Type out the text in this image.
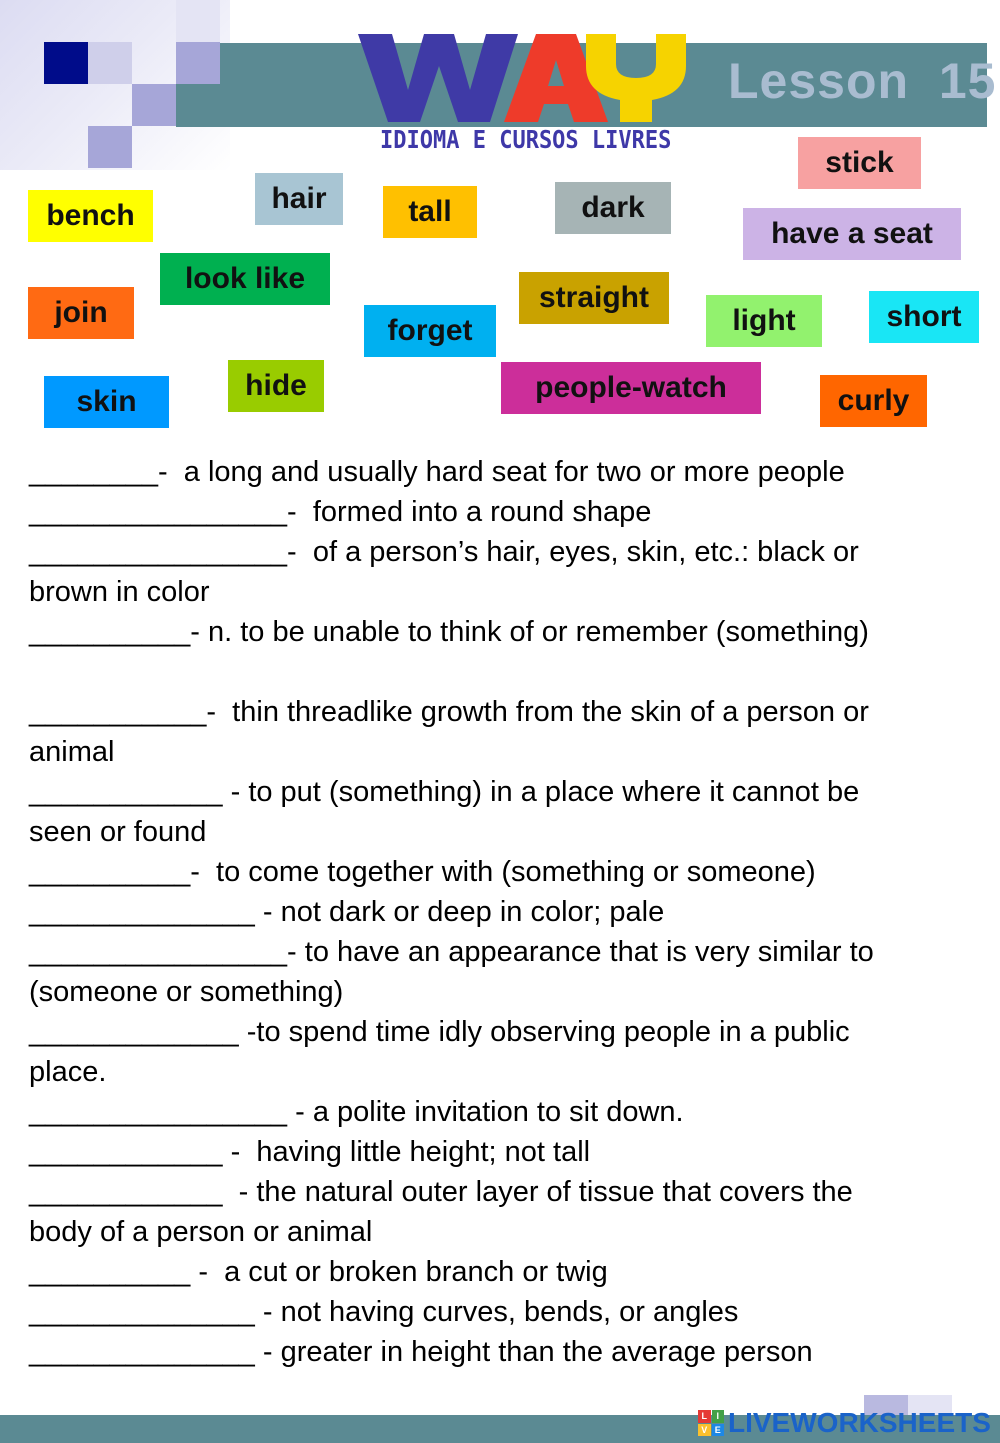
IDIOMA E CURSOS LIVRES
Lesson  15
bench
hair	tall	dark
stick
have a seat
look like
join
forget
straight
light	short
skin	hide	people-watch	curly
________-  a long and usually hard seat for two or more people
________________-  formed into a round shape
________________-  of a person’s hair, eyes, skin, etc.: black or
brown in color
__________- n. to be unable to think of or remember (something)

___________-  thin threadlike growth from the skin of a person or
animal
____________ - to put (something) in a place where it cannot be
seen or found
__________-  to come together with (something or someone)
______________ - not dark or deep in color; pale
________________- to have an appearance that is very similar to
(someone or something)
_____________ -to spend time idly observing people in a public
place.
________________ - a polite invitation to sit down.
____________ -  having little height; not tall
____________  - the natural outer layer of tissue that covers the
body of a person or animal
__________ -  a cut or broken branch or twig
______________ - not having curves, bends, or angles
______________ - greater in height than the average person
L	I
V E LIVEWORKSHEETS
